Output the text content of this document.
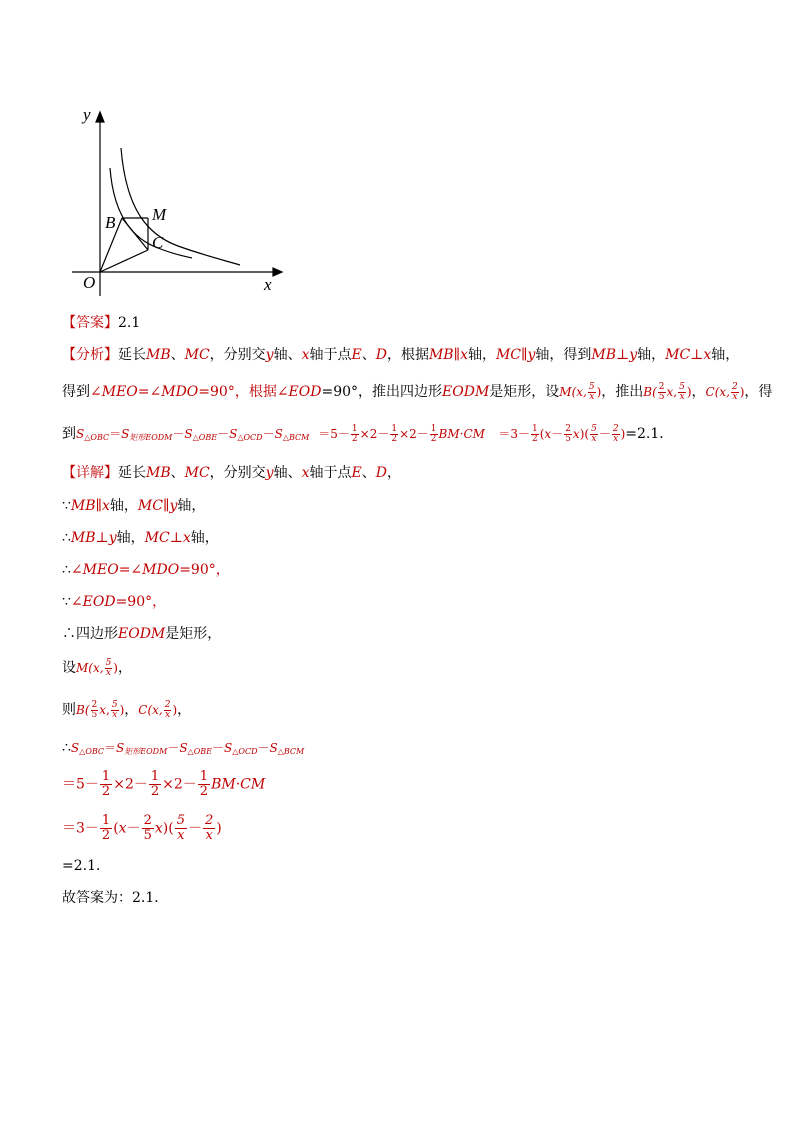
y
x
O
B M
C
【答案】2.1
【分析】延长MB、MC，分别交y轴、x轴于点E、D，根据MB∥x轴，MC∥y轴，得到MB⊥y轴，MC⊥x轴，
得到∠MEO=∠MDO=90°，根据∠EOD=90°，推出四边形EODM是矩形，设M(x, $\frac{5}{x}$ )，推出$B( \frac{2}{5} x$, $\frac{5}{x}$ )，C(x, $\frac{2}{x}$ )，得
到$S_{\triangle OBC}=S_{矩形EODM}-S_{\triangle OBE}-S_{\triangle OCD}-S_{\triangle BCM} =5- \frac{1}{2} \times 2- \frac{1}{2} \times 2- \frac{1}{2} BM\cdot CM =3- \frac{1}{2} (x- \frac{2}{5} x)( \frac{5}{x} - \frac{2}{x} )=2.1$．
【详解】延长MB、MC，分别交y轴、x轴于点E、D，
∵MB∥x轴，MC∥y轴，
∴MB⊥y轴，MC⊥x轴，
∴∠MEO=∠MDO=90°，
∵∠EOD=90°，
∴四边形EODM是矩形，
设M(x, $\frac{5}{x}$ )，
则$B( \frac{2}{5} x$, $\frac{5}{x}$ )，C(x, $\frac{2}{x}$ )，
$\therefore S_{\triangle OBC}=S_{矩形EODM}-S_{\triangle OBE}-S_{\triangle OCD}-S_{\triangle BCM}$
$=5- \frac{1}{2} \times 2- \frac{1}{2} \times 2- \frac{1}{2} BM\cdot CM$
$=3- \frac{1}{2} (x- \frac{2}{5} x)( \frac{5}{x} - \frac{2}{x}$ )
=2.1．
故答案为：2.1．
